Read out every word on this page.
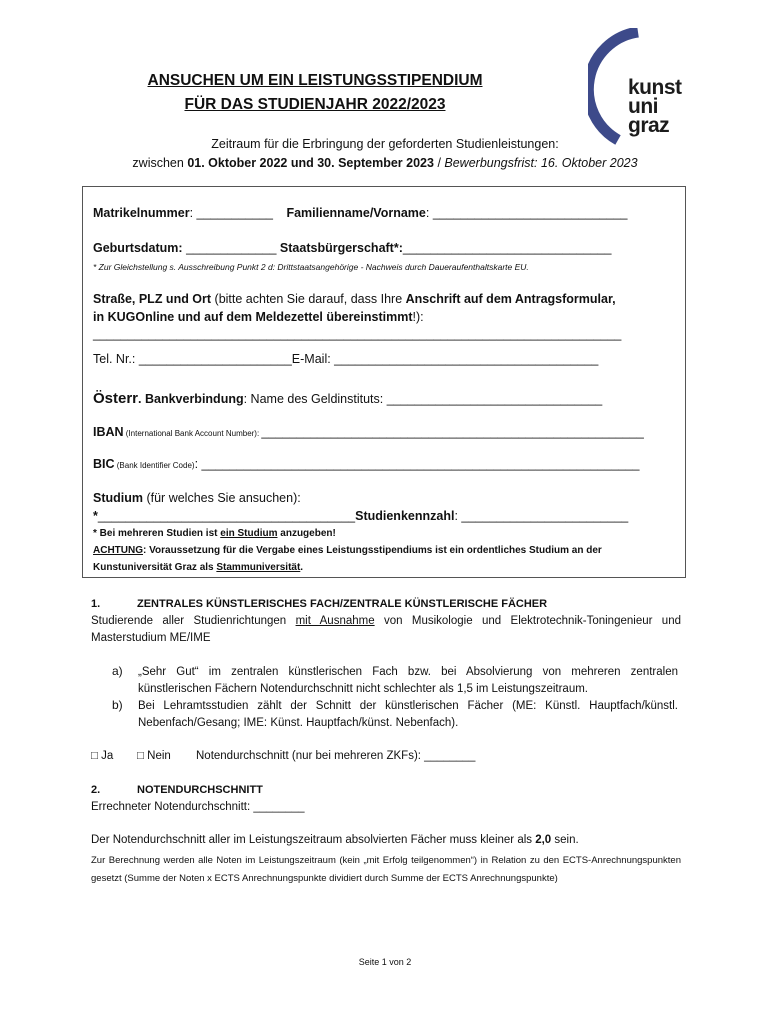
kunst
uni
graz
ANSUCHEN UM EIN LEISTUNGSSTIPENDIUM
FÜR DAS STUDIENJAHR 2022/2023
Zeitraum für die Erbringung der geforderten Studienleistungen:
zwischen 01. Oktober 2022 und 30. September 2023 / Bewerbungsfrist: 16. Oktober 2023
Matrikelnummer: ___________ Familienname/Vorname: ____________________________
Geburtsdatum: _____________ Staatsbürgerschaft*:______________________________
* Zur Gleichstellung s. Ausschreibung Punkt 2 d: Drittstaatsangehörige - Nachweis durch Daueraufenthaltskarte EU.
Straße, PLZ und Ort (bitte achten Sie darauf, dass Ihre Anschrift auf dem Antragsformular,
in KUGOnline und auf dem Meldezettel übereinstimmt!):
____________________________________________________________________________
Tel. Nr.: ______________________E-Mail: ______________________________________
Österr. Bankverbindung: Name des Geldinstituts: _______________________________
IBAN (International Bank Account Number): _______________________________________________________
BIC (Bank Identifier Code): _______________________________________________________________
Studium (für welches Sie ansuchen):
*_____________________________________Studienkennzahl: ________________________
* Bei mehreren Studien ist ein Studium anzugeben!
ACHTUNG: Voraussetzung für die Vergabe eines Leistungsstipendiums ist ein ordentliches Studium an der
Kunstuniversität Graz als Stammuniversität.
1.	ZENTRALES KÜNSTLERISCHES FACH/ZENTRALE KÜNSTLERISCHE FÄCHER
Studierende aller Studienrichtungen mit Ausnahme von Musikologie und Elektrotechnik-Toningenieur und Masterstudium ME/IME
a) „Sehr Gut“ im zentralen künstlerischen Fach bzw. bei Absolvierung von mehreren zentralen künstlerischen Fächern Notendurchschnitt nicht schlechter als 1,5 im Leistungszeitraum.
b) Bei Lehramtsstudien zählt der Schnitt der künstlerischen Fächer (ME: Künstl. Hauptfach/künstl. Nebenfach/Gesang; IME: Künst. Hauptfach/künst. Nebenfach).
□ Ja □ Nein Notendurchschnitt (nur bei mehreren ZKFs): ________
2.	NOTENDURCHSCHNITT
Errechneter Notendurchschnitt: ________
Der Notendurchschnitt aller im Leistungszeitraum absolvierten Fächer muss kleiner als 2,0 sein.
Zur Berechnung werden alle Noten im Leistungszeitraum (kein „mit Erfolg teilgenommen“) in Relation zu den ECTS-Anrechnungspunkten gesetzt (Summe der Noten x ECTS Anrechnungspunkte dividiert durch Summe der ECTS Anrechnungspunkte)
Seite 1 von 2
